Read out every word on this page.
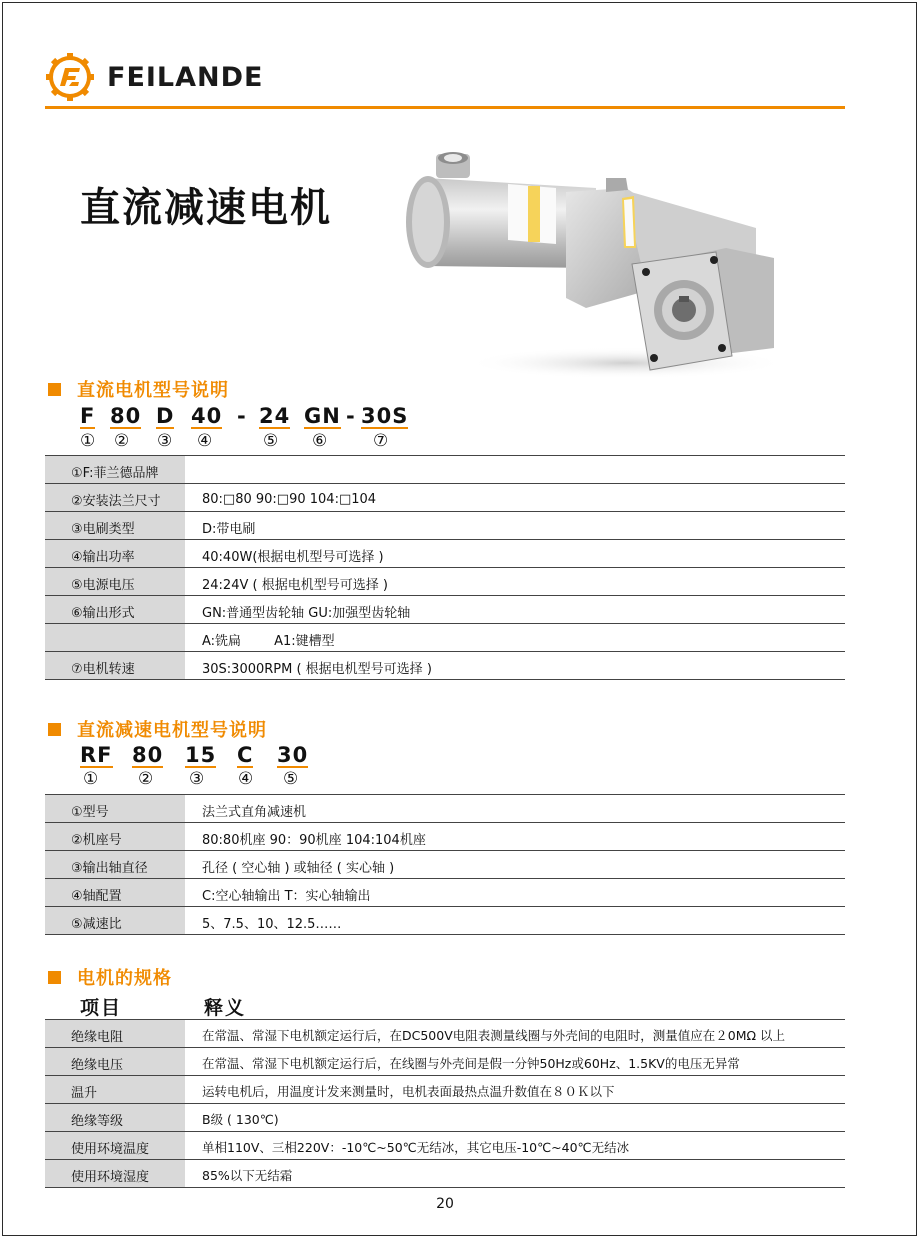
FEILANDE
直流减速电机
直流电机型号说明
F 80 D 40 - 24 GN - 30S
① ② ③ ④	⑤ ⑥	⑦
①F:菲兰德品牌	
②安装法兰尺寸	80:□80 90:□90 104:□104
③电刷类型	D:带电刷
④输出功率	40:40W(根据电机型号可选择 )
⑤电源电压	24:24V ( 根据电机型号可选择 )
⑥输出形式	GN:普通型齿轮轴 GU:加强型齿轮轴
	A:铣扁        A1:键槽型
⑦电机转速	30S:3000RPM ( 根据电机型号可选择 )
直流减速电机型号说明
RF 80 15 C 30
① ② ③ ④ ⑤
①型号	法兰式直角减速机
②机座号	80:80机座 90：90机座 104:104机座
③输出轴直径	孔径 ( 空心轴 ) 或轴径 ( 实心轴 )
④轴配置	C:空心轴输出 T：实心轴输出
⑤减速比	5、7.5、10、12.5……
电机的规格
项目	释义
绝缘电阻	在常温、常湿下电机额定运行后，在DC500V电阻表测量线圈与外壳间的电阻时，测量值应在２0MΩ 以上
绝缘电压	在常温、常湿下电机额定运行后，在线圈与外壳间是假一分钟50Hz或60Hz、1.5KV的电压无异常
温升	运转电机后，用温度计发来测量时，电机表面最热点温升数值在８０Ｋ以下
绝缘等级	B级 ( 130℃)
使用环境温度	单相110V、三相220V：-10℃~50℃无结冰，其它电压-10℃~40℃无结冰
使用环境湿度	85%以下无结霜
20
